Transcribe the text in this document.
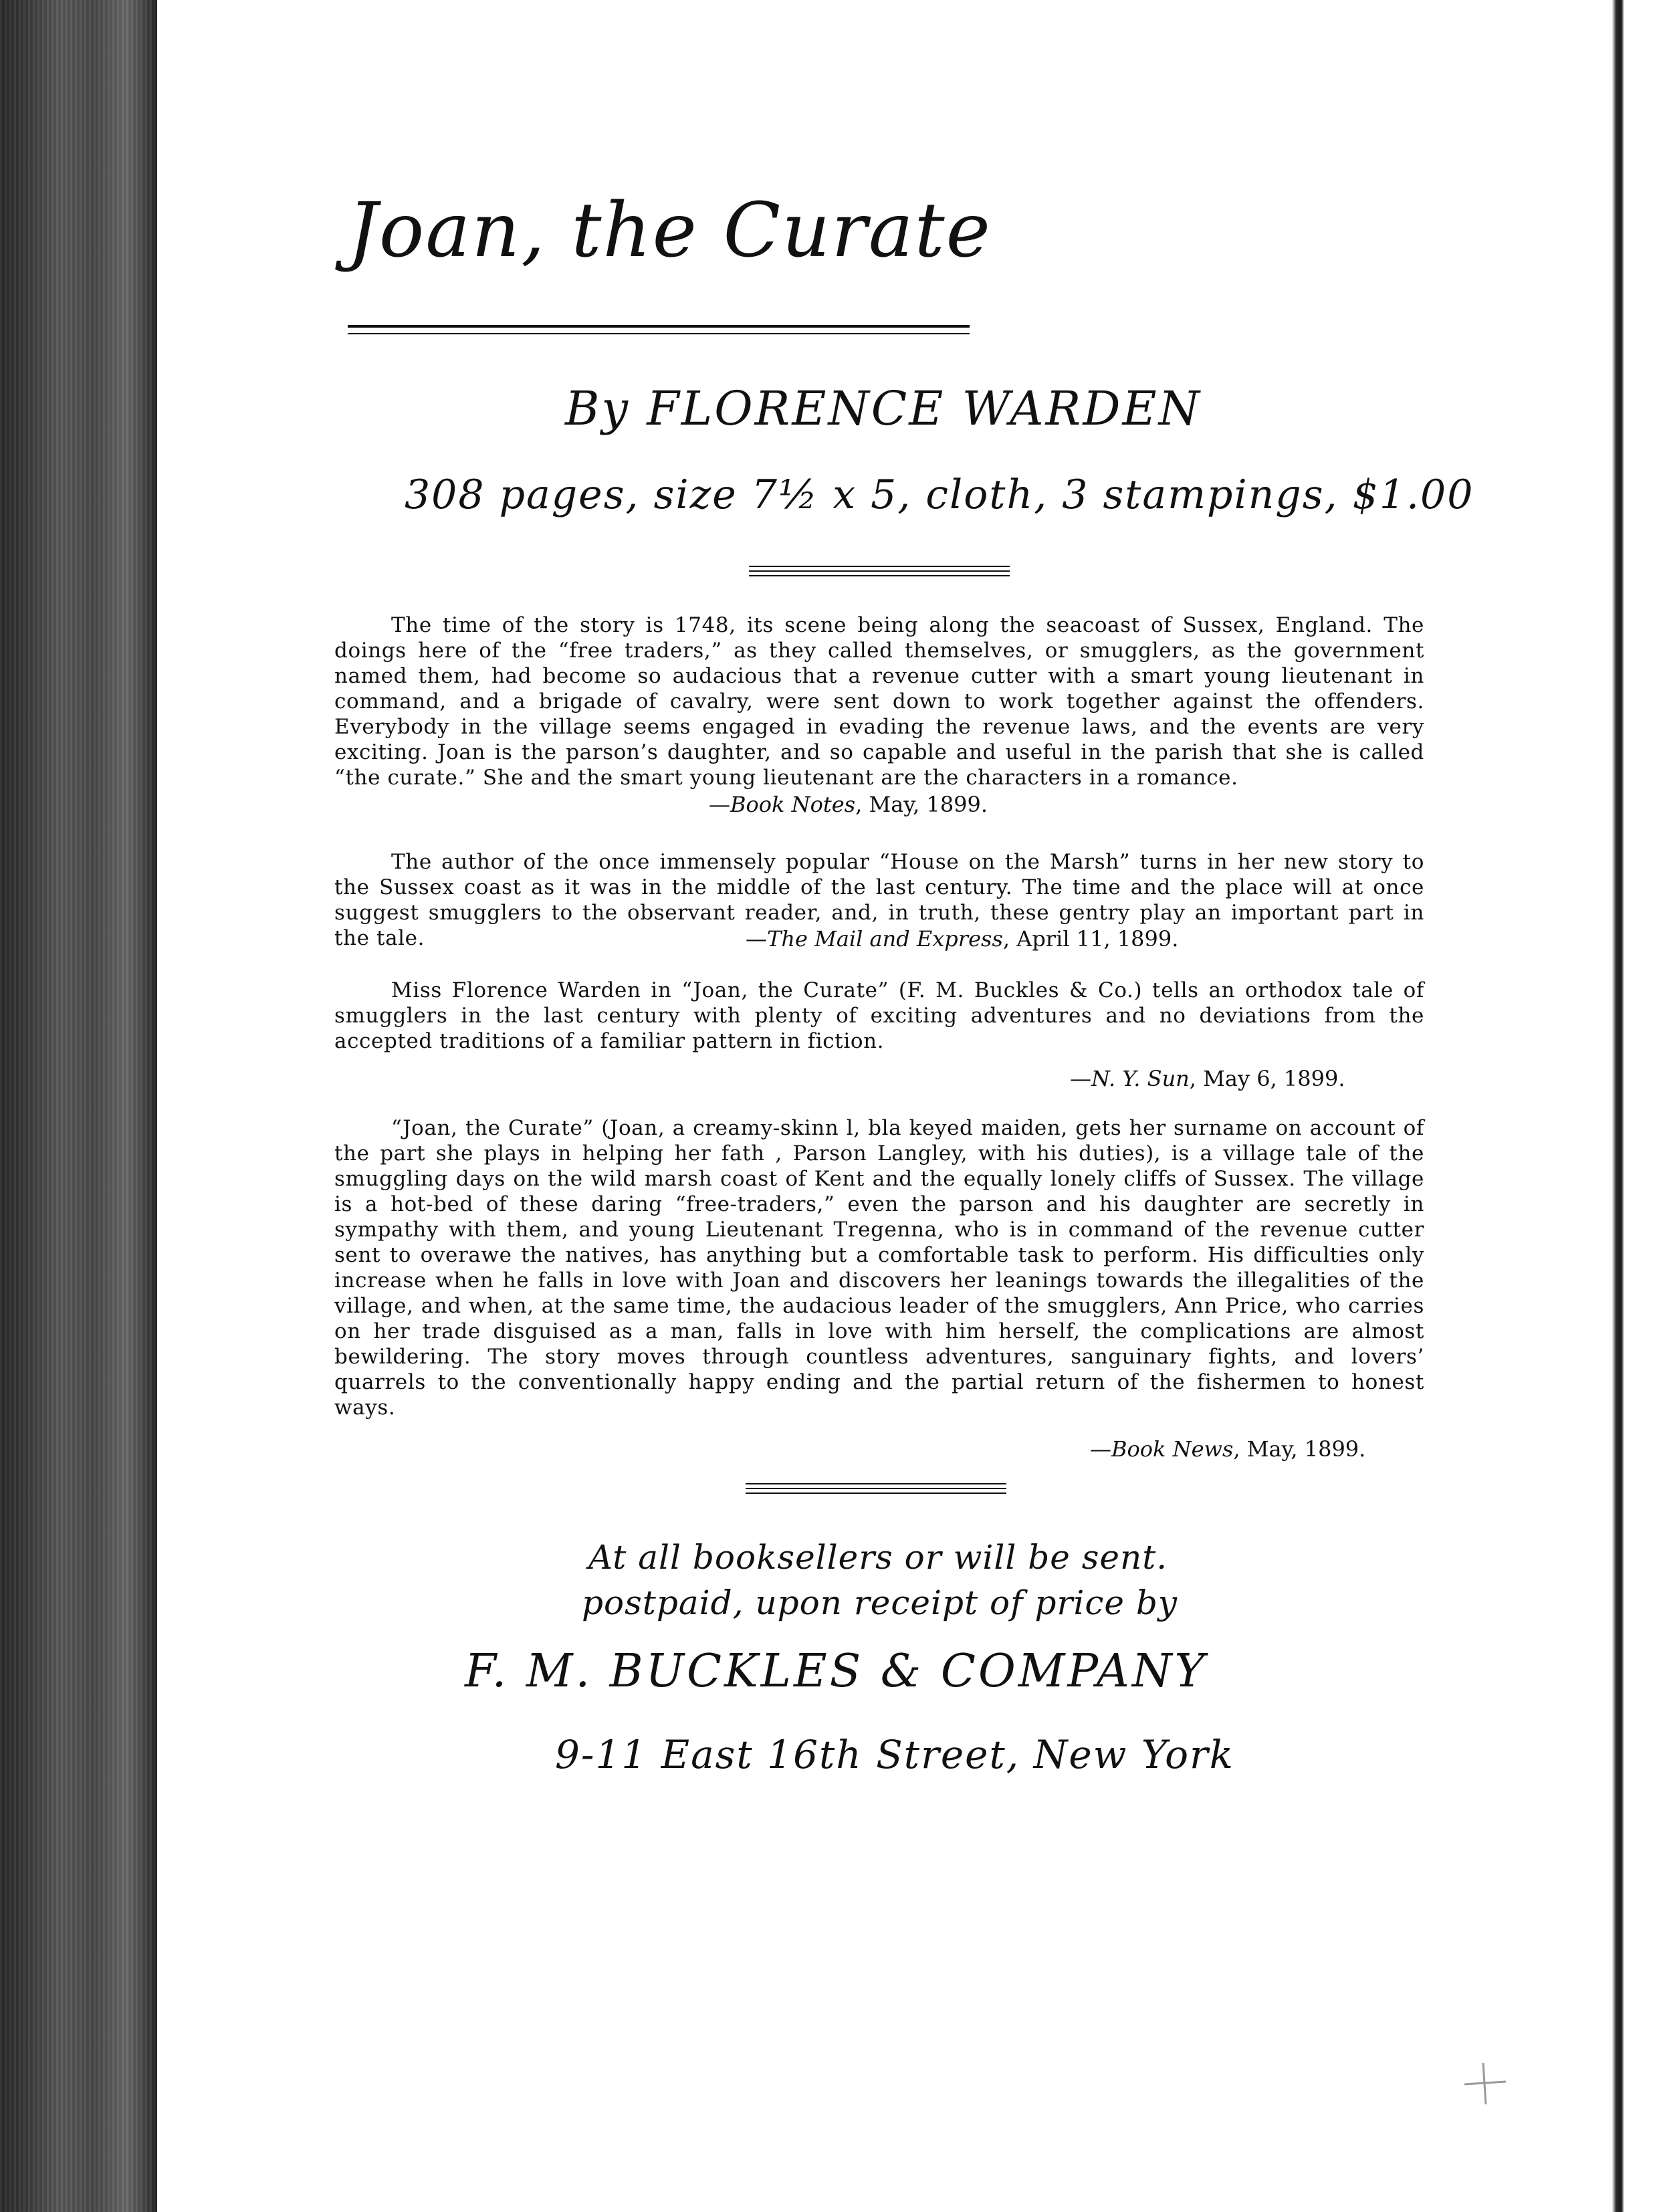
Joan, the Curate
By FLORENCE WARDEN
308 pages, size 7½ x 5, cloth, 3 stampings, $1.00
The time of the story is 1748, its scene being along the seacoast of Sussex, England. The doings here of the “free traders,” as they called themselves, or smugglers, as the government named them, had become so audacious that a revenue cutter with a smart young lieutenant in command, and a brigade of cavalry, were sent down to work together against the offenders. Everybody in the village seems engaged in evading the revenue laws, and the events are very exciting. Joan is the parson’s daughter, and so capable and useful in the parish that she is called “the curate.” She and the smart young lieutenant are the characters in a romance.
—Book Notes, May, 1899.
The author of the once immensely popular “House on the Marsh” turns in her new story to the Sussex coast as it was in the middle of the last century. The time and the place will at once suggest smugglers to the observant reader, and, in truth, these gentry play an important part in the tale.	—The Mail and Express, April 11, 1899.
Miss Florence Warden in “Joan, the Curate” (F. M. Buckles & Co.) tells an orthodox tale of smugglers in the last century with plenty of exciting adventures and no deviations from the accepted traditions of a familiar pattern in fiction.
—N. Y. Sun, May 6, 1899.
“Joan, the Curate” (Joan, a creamy-skinn l, bla keyed maiden, gets her surname on account of the part she plays in helping her fath , Parson Langley, with his duties), is a village tale of the smuggling days on the wild marsh coast of Kent and the equally lonely cliffs of Sussex. The village is a hot-bed of these daring “free-traders,” even the parson and his daughter are secretly in sympathy with them, and young Lieutenant Tregenna, who is in command of the revenue cutter sent to overawe the natives, has anything but a comfortable task to perform. His difficulties only increase when he falls in love with Joan and discovers her leanings towards the illegalities of the village, and when, at the same time, the audacious leader of the smugglers, Ann Price, who carries on her trade disguised as a man, falls in love with him herself, the complications are almost bewildering. The story moves through countless adventures, sanguinary fights, and lovers’ quarrels to the conventionally happy ending and the partial return of the fishermen to honest ways.
—Book News, May, 1899.
At all booksellers or will be sent.
postpaid, upon receipt of price by
F. M. BUCKLES & COMPANY
9-11 East 16th Street, New York
